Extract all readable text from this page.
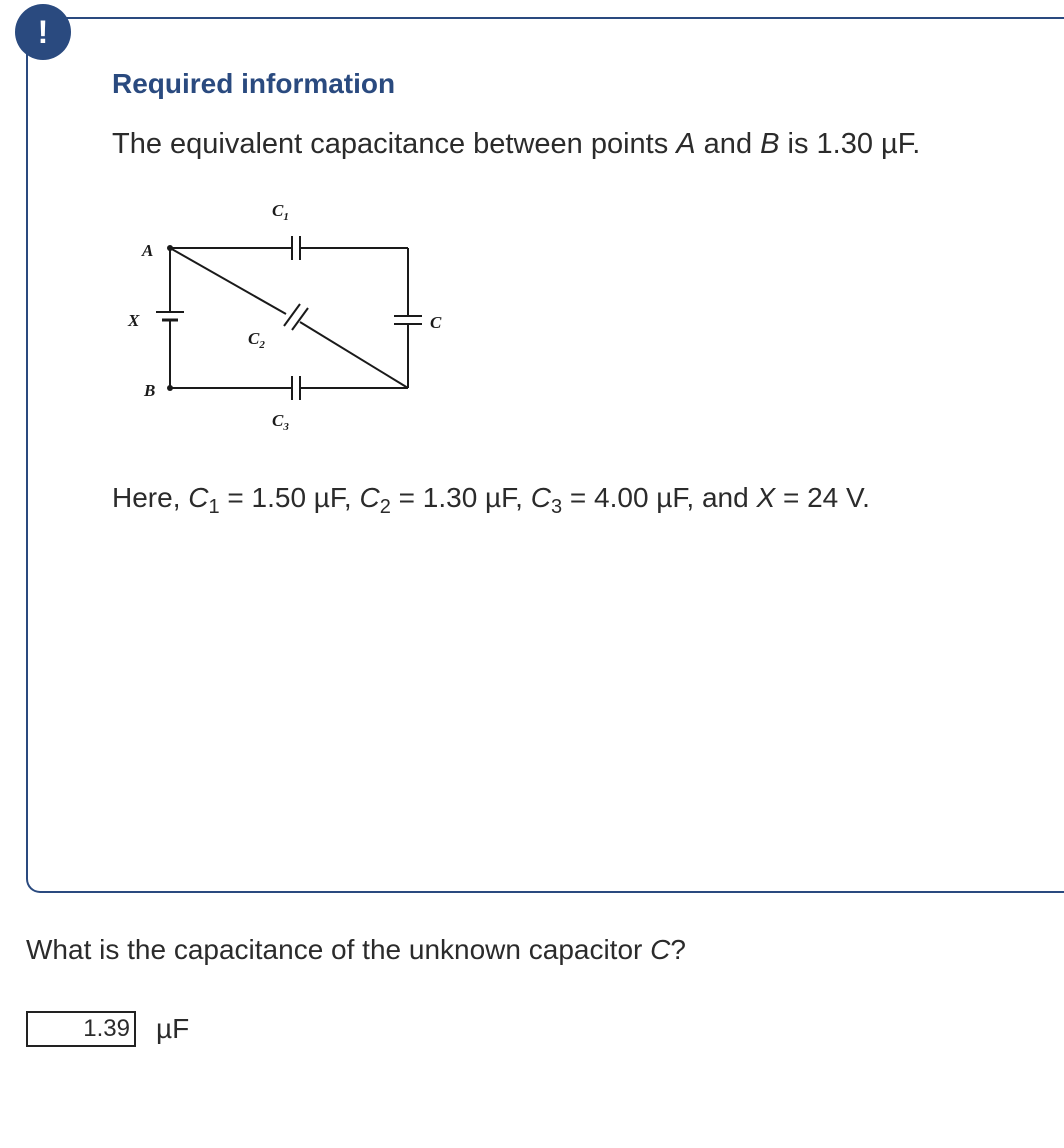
!
Required information
The equivalent capacitance between points A and B is 1.30 µF.
A
B
X	C
$C_1$
$C_2$
$C_3$
Here, $C_1 = 1.50$ µF, $C_2 = 1.30$ µF, $C_3 = 4.00$ µF, and X = 24 V.
What is the capacitance of the unknown capacitor C?
1.39
µF
